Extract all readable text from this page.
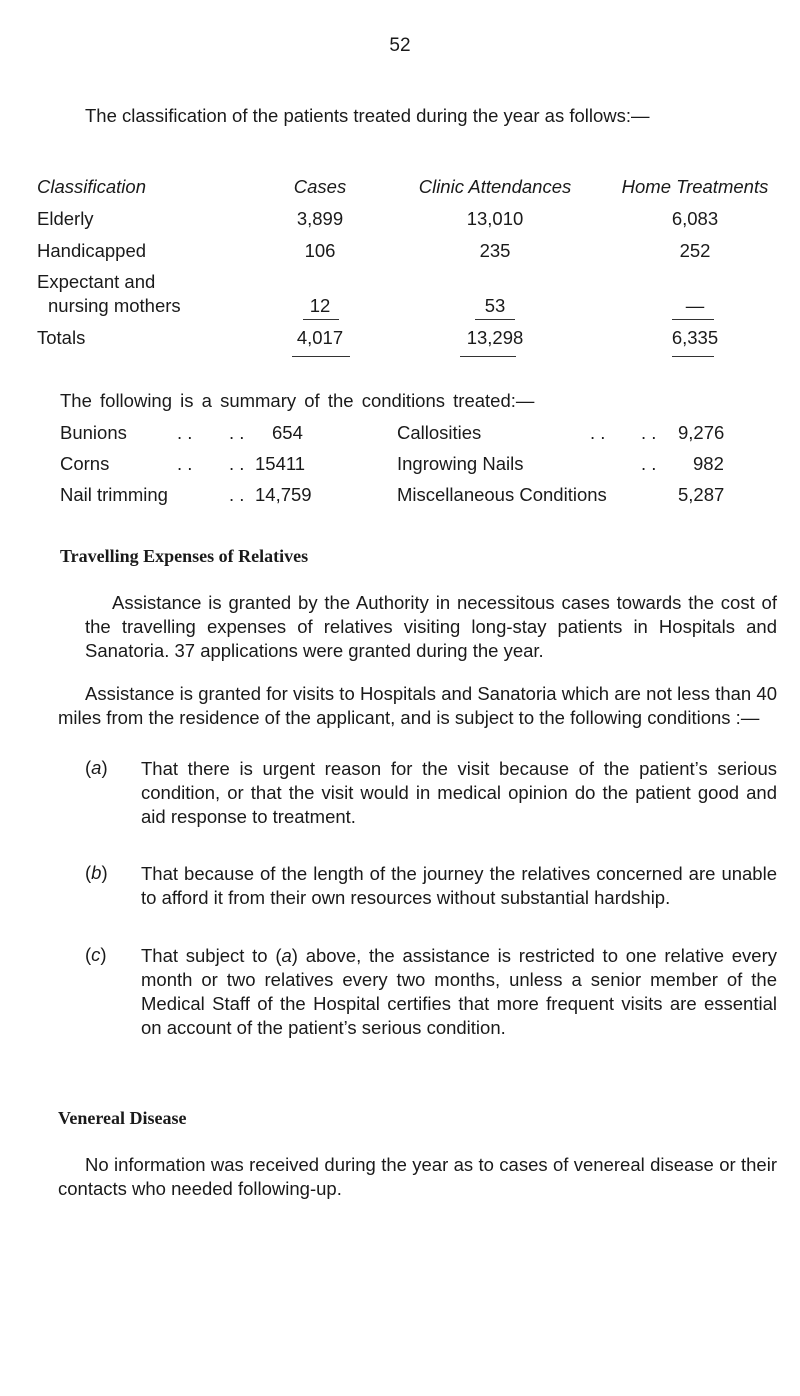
52
The classification of the patients treated during the year as follows:—
Classification	Cases	Clinic Attendances	Home Treatments
Elderly	3,899	13,010	6,083
Handicapped	106	235	252
Expectant and
nursing mothers	12	53	—
Totals	4,017	13,298	6,335
The following is a summary of the conditions treated:—
Bunions	. . . . 654
Corns	. . . . 15411
Nail trimming	. . 14,759
Callosities	. . . . 9,276
Ingrowing Nails	. . 982
Miscellaneous Conditions	5,287
Travelling Expenses of Relatives
Assistance is granted by the Authority in necessitous cases towards the cost of the travelling expenses of relatives visiting long-stay patients in Hospitals and Sanatoria. 37 applications were granted during the year.
Assistance is granted for visits to Hospitals and Sanatoria which are not less than 40 miles from the residence of the applicant, and is subject to the following conditions :—
(a) That there is urgent reason for the visit because of the patient’s serious condition, or that the visit would in medical opinion do the patient good and aid response to treatment.
(b) That because of the length of the journey the relatives concerned are unable to afford it from their own resources without substantial hardship.
(c) That subject to (a) above, the assistance is restricted to one relative every month or two relatives every two months, unless a senior member of the Medical Staff of the Hospital certifies that more frequent visits are essential on account of the patient’s serious condition.
Venereal Disease
No information was received during the year as to cases of venereal disease or their contacts who needed following-up.
